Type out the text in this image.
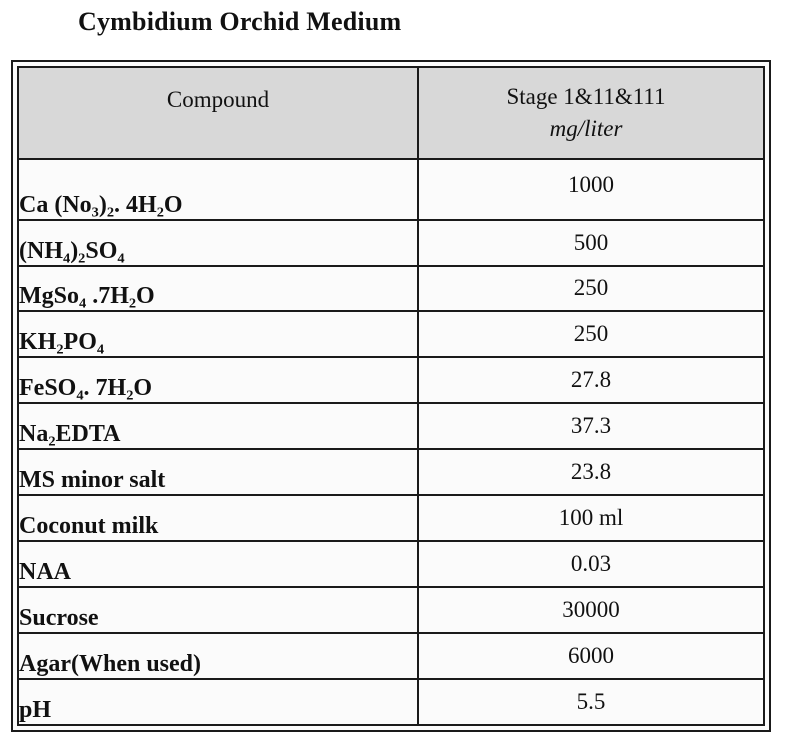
Cymbidium Orchid Medium
Compound	Stage 1&11&111
mg/liter

Ca (No₃)₂. 4H₂O	1000
(NH₄)₂SO₄	500
MgSo₄ .7H₂O	250
KH₂PO₄	250
FeSO₄. 7H₂O	27.8
Na₂EDTA	37.3
MS minor salt	23.8
Coconut milk	100 ml
NAA	0.03
Sucrose	30000
Agar(When used)	6000
pH	5.5
